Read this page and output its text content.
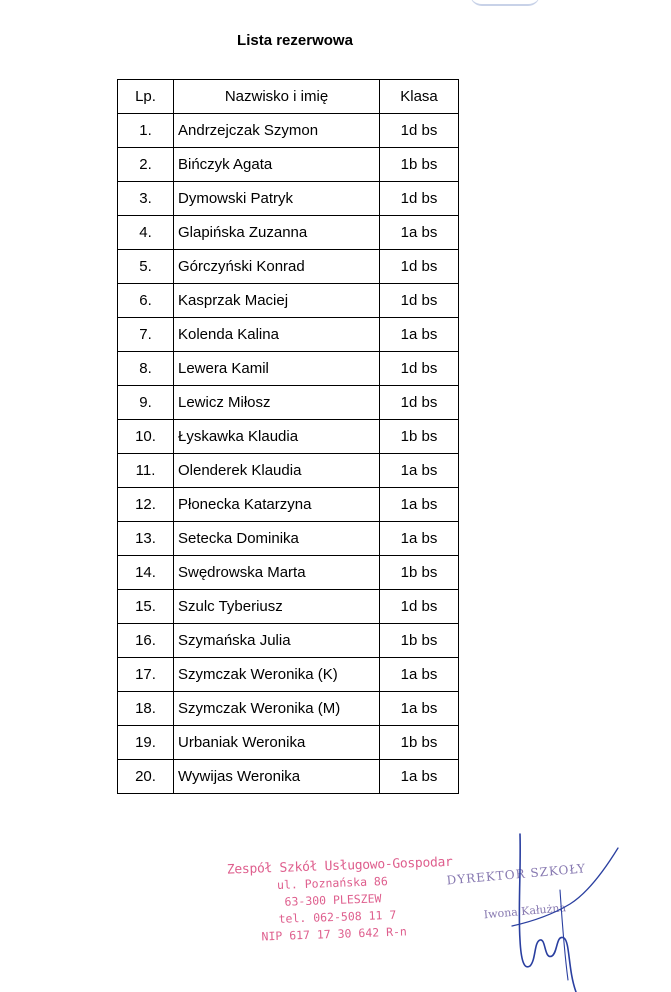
Lista rezerwowa
Lp.	Nazwisko i imię	Klasa
1.	Andrzejczak Szymon	1d bs
2.	Bińczyk Agata	1b bs
3.	Dymowski Patryk	1d bs
4.	Glapińska Zuzanna	1a bs
5.	Górczyński Konrad	1d bs
6.	Kasprzak Maciej	1d bs
7.	Kolenda Kalina	1a bs
8.	Lewera Kamil	1d bs
9.	Lewicz Miłosz	1d bs
10.	Łyskawka Klaudia	1b bs
11.	Olenderek Klaudia	1a bs
12.	Płonecka Katarzyna	1a bs
13.	Setecka Dominika	1a bs
14.	Swędrowska Marta	1b bs
15.	Szulc Tyberiusz	1d bs
16.	Szymańska Julia	1b bs
17.	Szymczak Weronika (K)	1a bs
18.	Szymczak Weronika (M)	1a bs
19.	Urbaniak Weronika	1b bs
20.	Wywijas Weronika	1a bs
Zespół Szkół Usługowo-Gospodar
ul. Poznańska 86
63-300 PLESZEW
tel. 062-508 11 7
NIP 617 17 30 642 R-n
DYREKTOR SZKOŁY
Iwona Kałużna
